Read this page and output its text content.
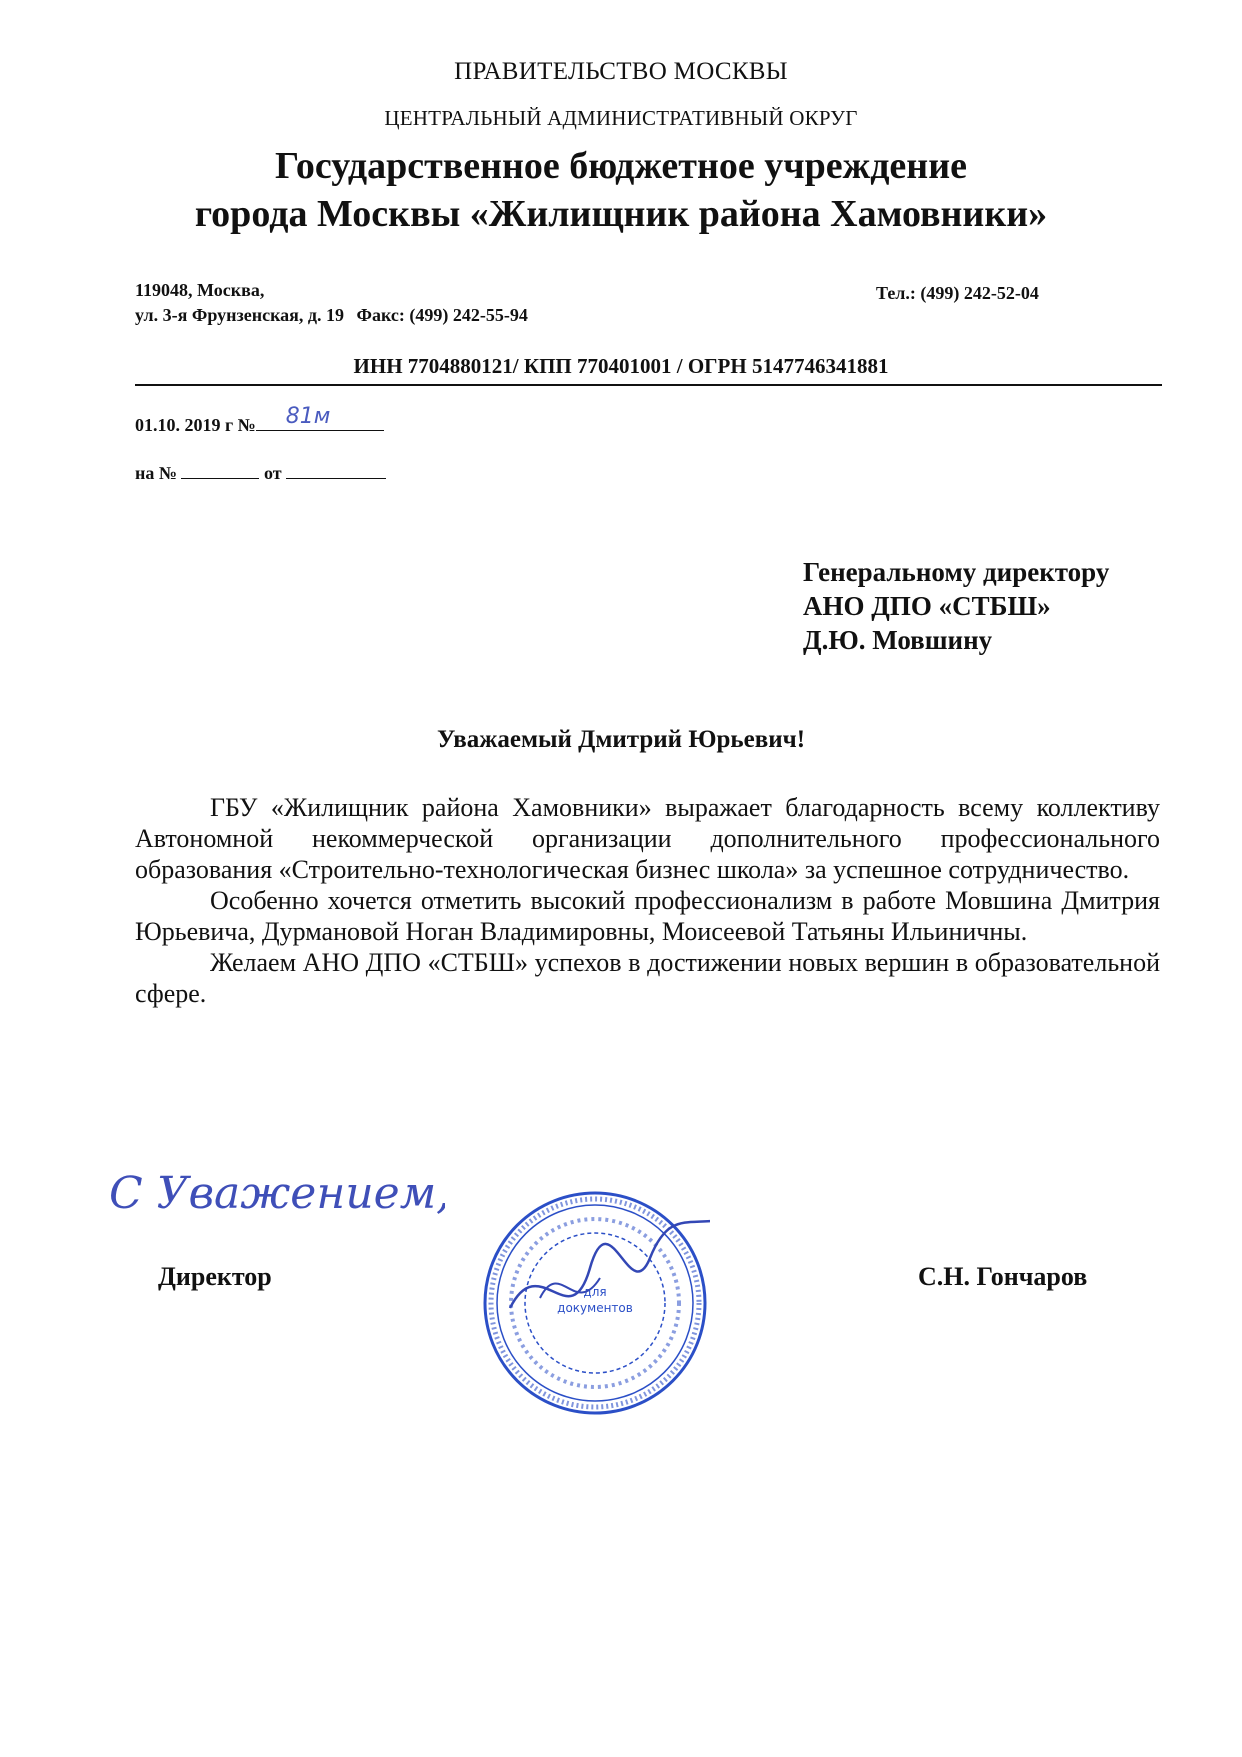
ПРАВИТЕЛЬСТВО МОСКВЫ
ЦЕНТРАЛЬНЫЙ АДМИНИСТРАТИВНЫЙ ОКРУГ
Государственное бюджетное учреждение
города Москвы «Жилищник района Хамовники»
119048, Москва,
ул. 3-я Фрунзенская, д. 19 Факс: (499) 242-55-94
Тел.: (499) 242-52-04
ИНН 7704880121/ КПП 770401001 / ОГРН 5147746341881
01.10. 2019 г № 81м
на №	от
Генеральному директору
АНО ДПО «СТБШ»
Д.Ю. Мовшину
Уважаемый Дмитрий Юрьевич!

ГБУ «Жилищник района Хамовники» выражает благодарность всему коллективу Автономной некоммерческой организации дополнительного профессионального образования «Строительно-технологическая бизнес школа» за успешное сотрудничество.

Особенно хочется отметить высокий профессионализм в работе Мовшина Дмитрия Юрьевича, Дурмановой Ноган Владимировны, Моисеевой Татьяны Ильиничны.

Желаем АНО ДПО «СТБШ» успехов в достижении новых вершин в образовательной сфере.

С Уважением,
Директор	С.Н. Гончаров
для
документов
